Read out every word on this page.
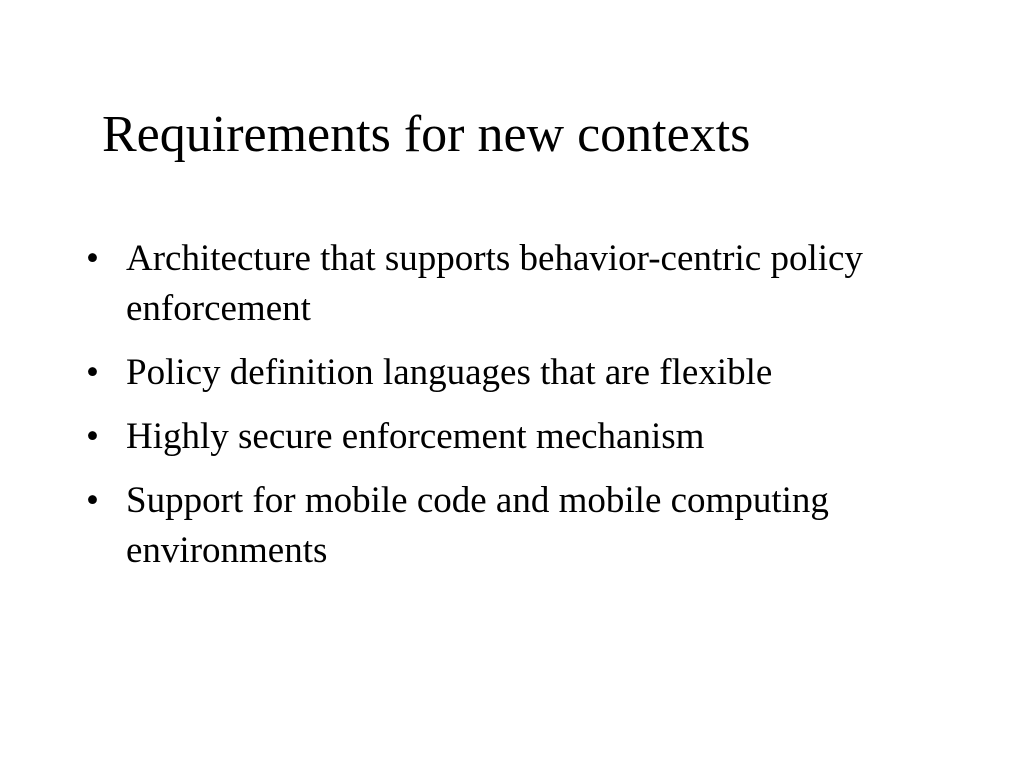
Requirements for new contexts
• Architecture that supports behavior-centric policy enforcement
• Policy definition languages that are flexible
• Highly secure enforcement mechanism
• Support for mobile code and mobile computing environments
